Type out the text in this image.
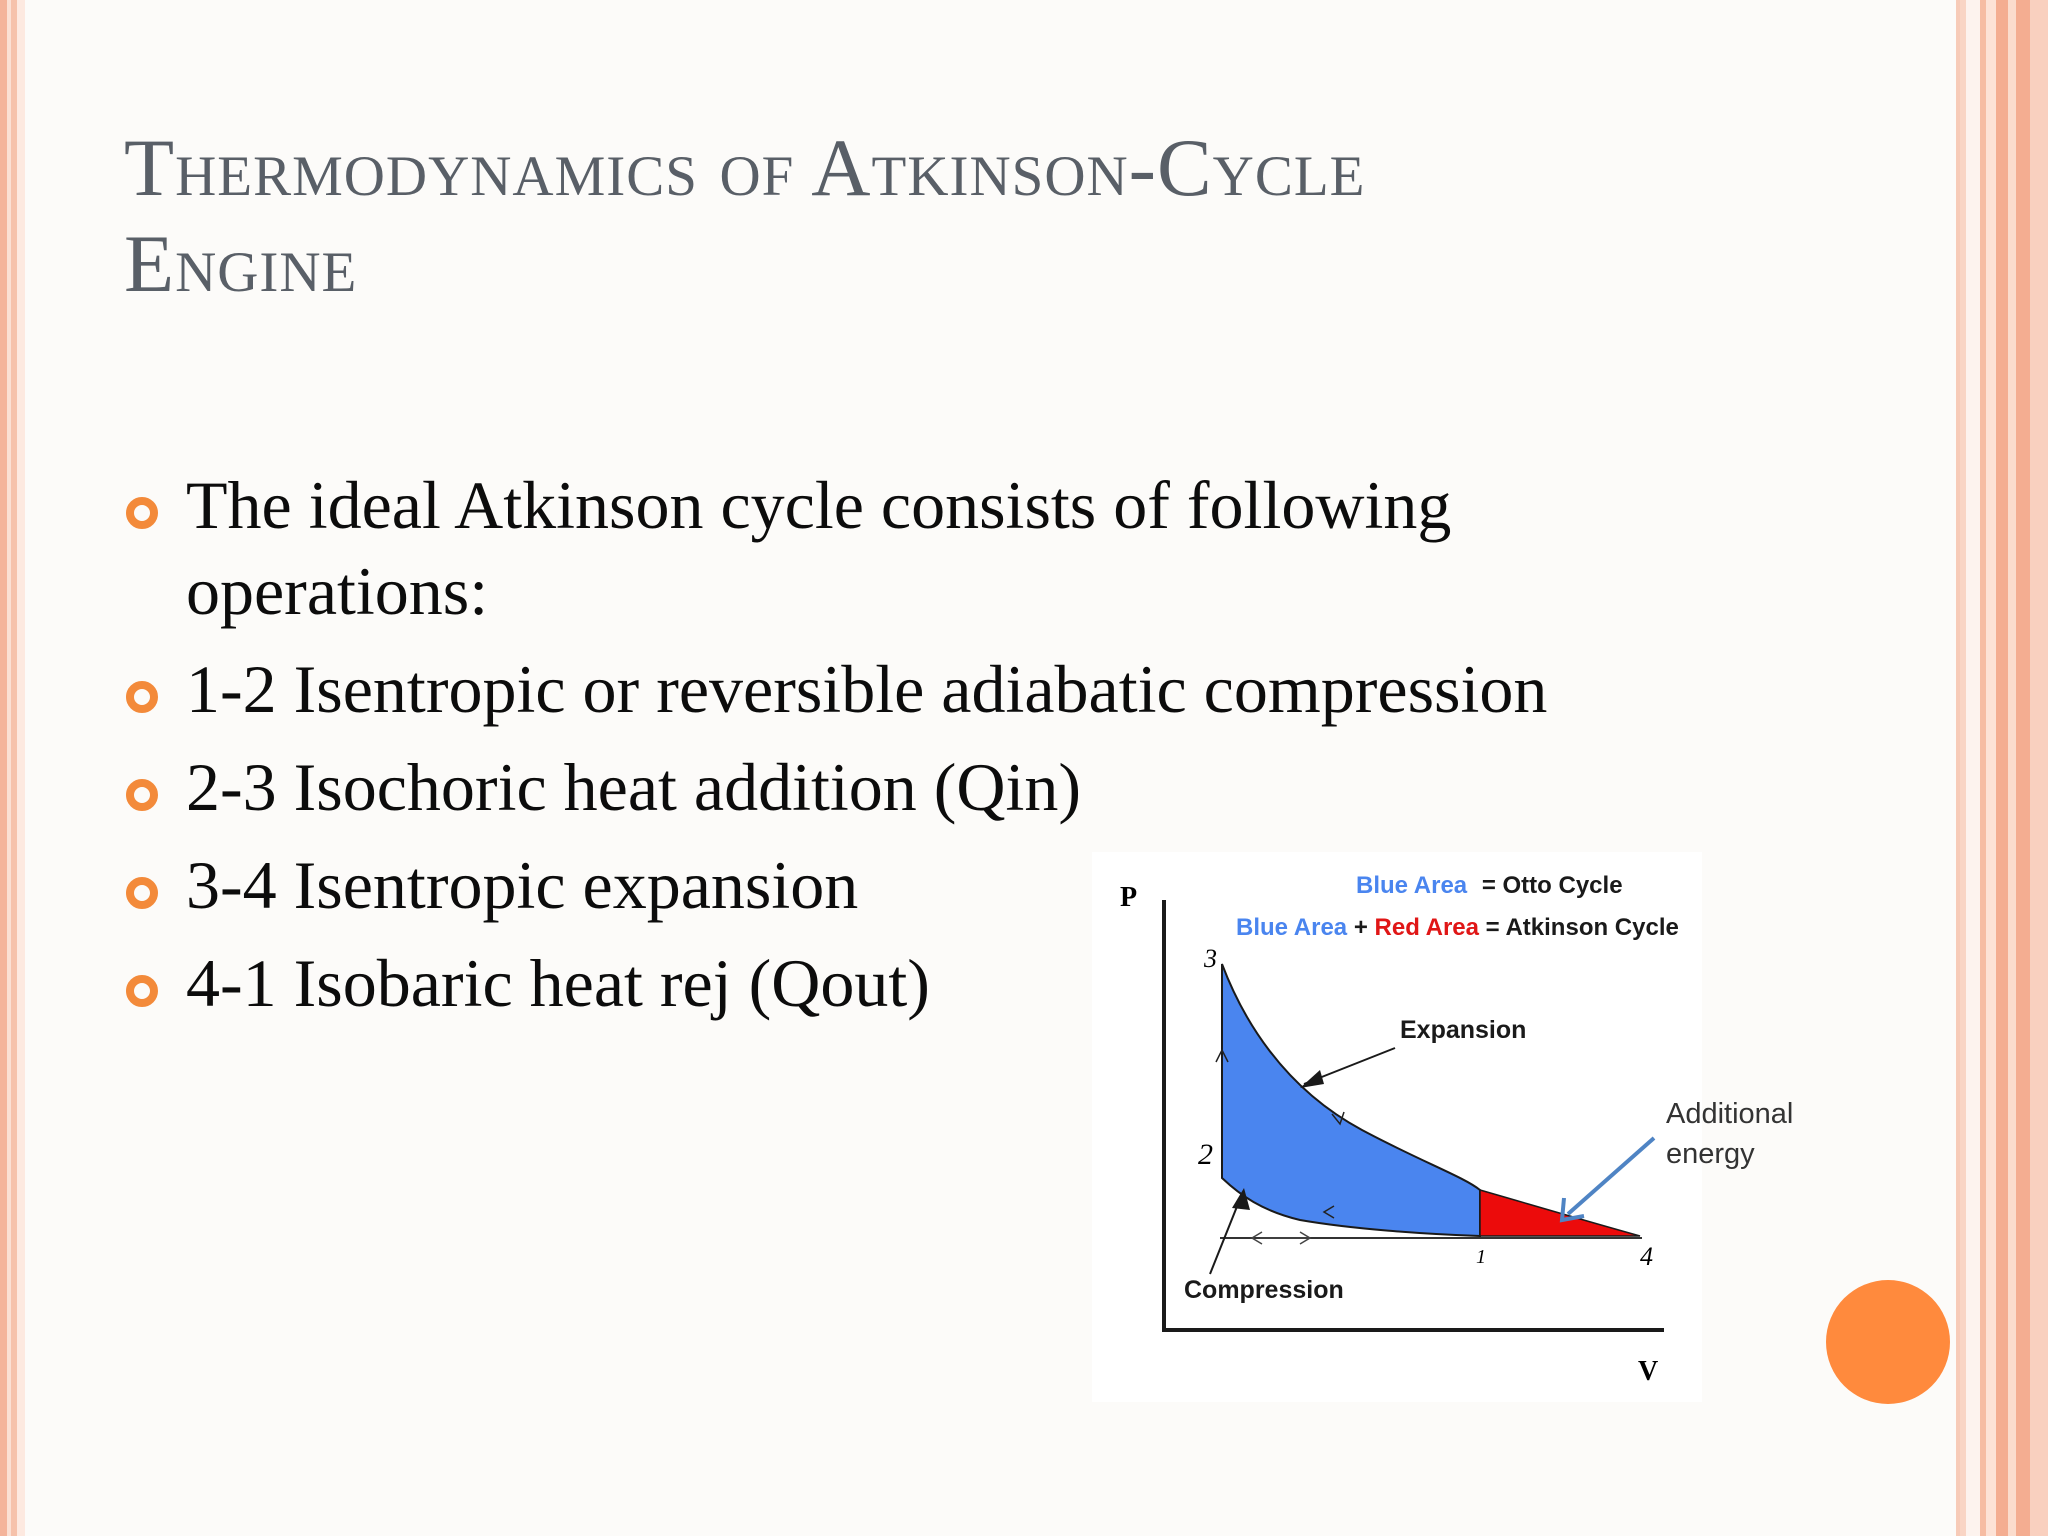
Thermodynamics of Atkinson-Cycle
Engine
The ideal Atkinson cycle consists of following
operations:
1-2 Isentropic or reversible adiabatic compression
2-3 Isochoric heat addition (Qin)
3-4 Isentropic expansion
4-1 Isobaric heat rej (Qout)
P
V
Blue Area = Otto Cycle
Blue Area + Red Area = Atkinson Cycle
3
2
1	4
Expansion
Compression
Additional
energy
